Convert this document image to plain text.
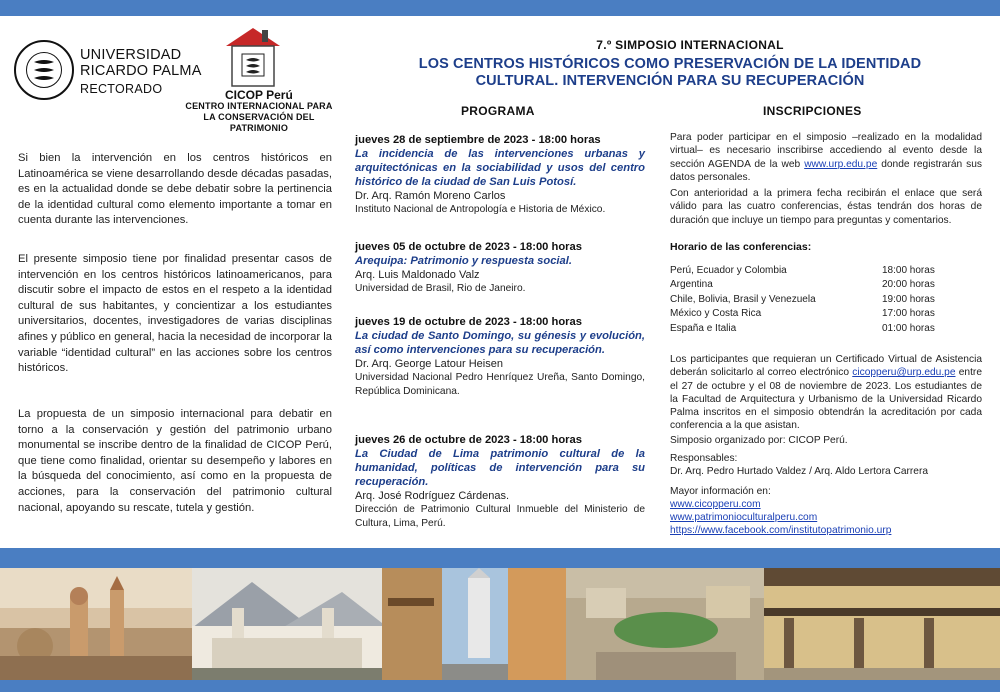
UNIVERSIDAD
RICARDO PALMA
RECTORADO	CICOP Perú
CENTRO INTERNACIONAL PARA
LA CONSERVACIÓN DEL PATRIMONIO
7.º SIMPOSIO INTERNACIONAL
LOS CENTROS HISTÓRICOS COMO PRESERVACIÓN DE LA IDENTIDAD
CULTURAL. INTERVENCIÓN PARA SU RECUPERACIÓN
PROGRAMA	INSCRIPCIONES
Si bien la intervención en los centros históricos en Latinoamérica se viene desarrollando desde décadas pasadas, es en la actualidad donde se debe debatir sobre la pertinencia de la identidad cultural como elemento importante a tomar en cuenta durante las intervenciones.
El presente simposio tiene por finalidad presentar casos de intervención en los centros históricos latinoamericanos, para discutir sobre el impacto de estos en el respeto a la identidad cultural de sus habitantes, y concientizar a los estudiantes universitarios, docentes, investigadores de varias disciplinas afines y público en general, hacia la necesidad de incorporar la variable “identidad cultural” en las acciones sobre los centros históricos.
La propuesta de un simposio internacional para debatir en torno a la conservación y gestión del patrimonio urbano monumental se inscribe dentro de la finalidad de CICOP Perú, que tiene como finalidad, orientar su desempeño y labores en la búsqueda del conocimiento, así como en la propuesta de acciones, para la conservación del patrimonio cultural nacional, apoyando su rescate, tutela y gestión.
jueves 28 de septiembre de 2023 - 18:00 horas
La incidencia de las intervenciones urbanas y arquitectónicas en la sociabilidad y usos del centro histórico de la ciudad de San Luis Potosí.
Dr. Arq. Ramón Moreno Carlos
Instituto Nacional de Antropología e Historia de México.
jueves 05 de octubre de 2023 - 18:00 horas
Arequipa: Patrimonio y respuesta social.
Arq. Luis Maldonado Valz
Universidad de Brasil, Rio de Janeiro.
jueves 19 de octubre de 2023 - 18:00 horas
La ciudad de Santo Domingo, su génesis y evolución, así como intervenciones para su recuperación.
Dr. Arq. George Latour Heisen
Universidad Nacional Pedro Henríquez Ureña, Santo Domingo, República Dominicana.
jueves 26 de octubre de 2023 - 18:00 horas
La Ciudad de Lima patrimonio cultural de la humanidad, políticas de intervención para su recuperación.
Arq. José Rodríguez Cárdenas.
Dirección de Patrimonio Cultural Inmueble del Ministerio de Cultura, Lima, Perú.
Para poder participar en el simposio –realizado en la modalidad virtual– es necesario inscribirse accediendo al evento desde la sección AGENDA de la web www.urp.edu.pe donde registrarán sus datos personales.
Con anterioridad a la primera fecha recibirán el enlace que será válido para las cuatro conferencias, éstas tendrán dos horas de duración que incluye un tiempo para preguntas y comentarios.
Horario de las conferencias:
Perú, Ecuador y Colombia	18:00 horas
Argentina	20:00 horas
Chile, Bolivia, Brasil y Venezuela	19:00 horas
México y Costa Rica	17:00 horas
España e Italia	01:00 horas
Los participantes que requieran un Certificado Virtual de Asistencia deberán solicitarlo al correo electrónico cicopperu@urp.edu.pe entre el 27 de octubre y el 08 de noviembre de 2023. Los estudiantes de la Facultad de Arquitectura y Urbanismo de la Universidad Ricardo Palma inscritos en el simposio obtendrán la acreditación por cada conferencia a la que asistan.
Simposio organizado por: CICOP Perú.
Responsables:
Dr. Arq. Pedro Hurtado Valdez / Arq. Aldo Lertora Carrera
Mayor información en:
www.cicopperu.com
www.patrimonioculturalperu.com
https://www.facebook.com/institutopatrimonio.urp
